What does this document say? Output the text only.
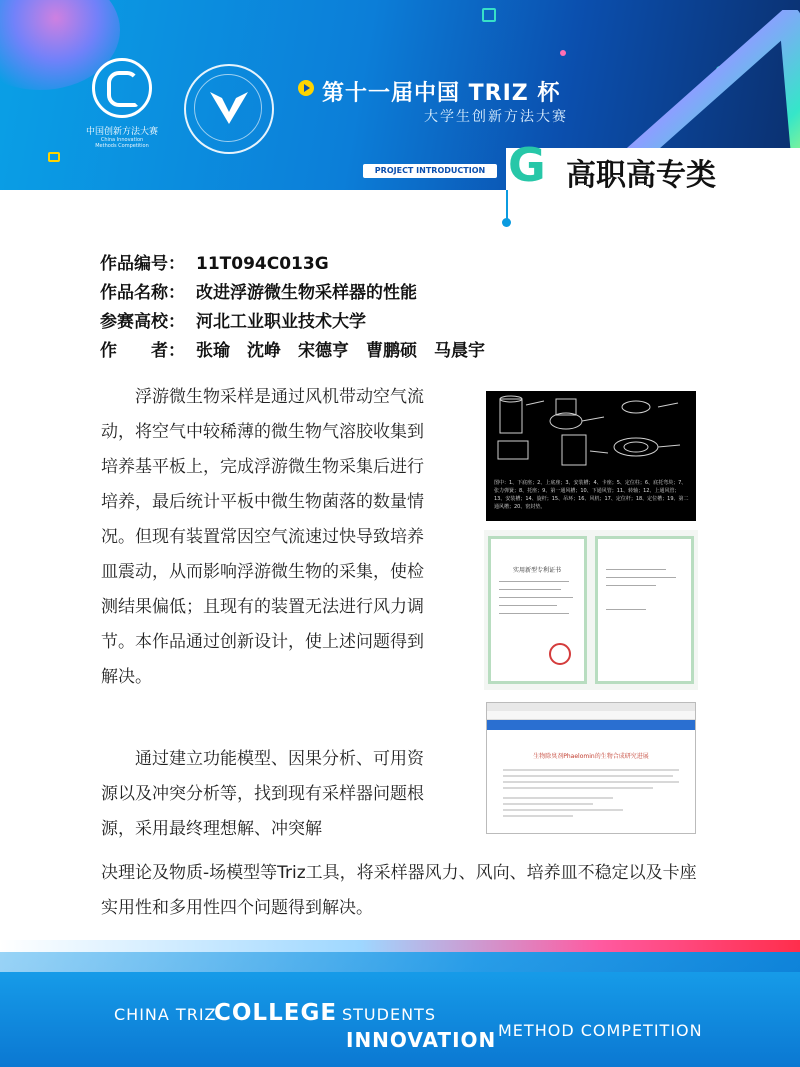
中国创新方法大赛
China Innovation
Methods Competition
第十一届中国 TRIZ 杯
大学生创新方法大赛
PROJECT INTRODUCTION G 高职高专类
作品编号： 11T094C013G
作品名称： 改进浮游微生物采样器的性能
参赛高校： 河北工业职业技术大学
作　　者： 张瑜　沈峥　宋德亨　曹鹏硕　马晨宇
浮游微生物采样是通过风机带动空气流动，将空气中较稀薄的微生物气溶胶收集到培养基平板上，完成浮游微生物采集后进行培养，最后统计平板中微生物菌落的数量情况。但现有装置常因空气流速过快导致培养皿震动，从而影响浮游微生物的采集，使检测结果偏低；且现有的装置无法进行风力调节。本作品通过创新设计，使上述问题得到解决。
通过建立功能模型、因果分析、可用资源以及冲突分析等，找到现有采样器问题根源，采用最终理想解、冲突解
决理论及物质-场模型等Triz工具，将采样器风力、风向、培养皿不稳定以及卡座实用性和多用性四个问题得到解决。
图中：1、下底座；2、上底座；3、安装槽；4、卡座；5、定位柱；6、底托弯块；7、张力弹簧；8、托座；9、第一通风槽；10、下通风管；11、转轴；12、上通风管；13、安装槽；14、旋杆；15、吊环；16、风机；17、定位杆；18、定位槽；19、第二通风槽；20、密封垫。
实用新型专利证书
生物除臭剂Phaelomin的生物合成研究进展
CHINA TRIZ
COLLEGE STUDENTS
INNOVATION METHOD COMPETITION
